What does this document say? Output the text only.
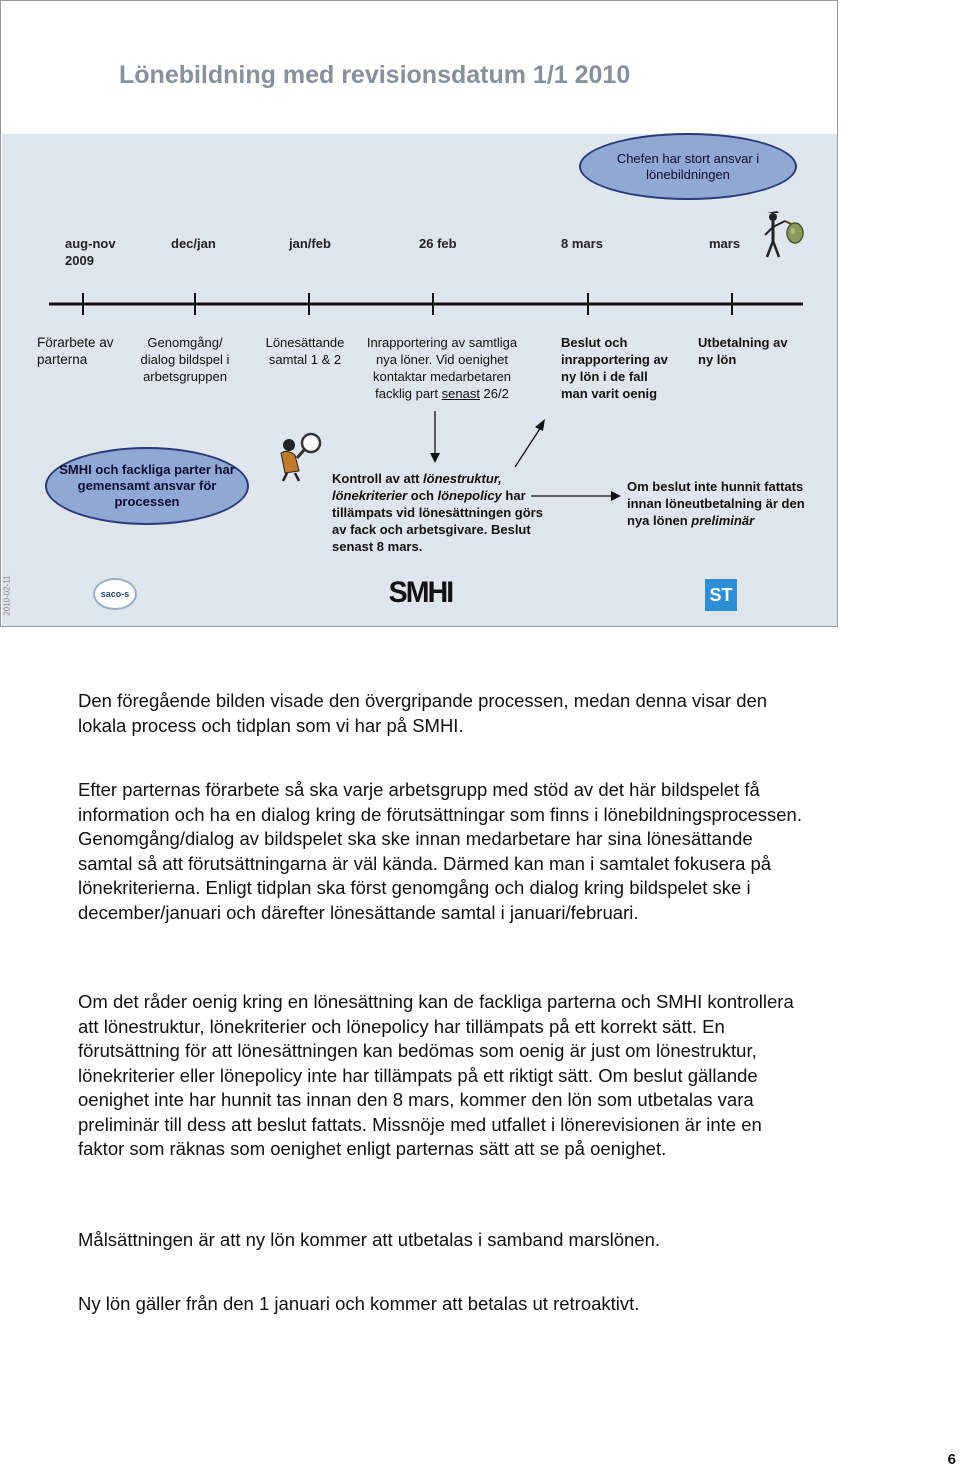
Lönebildning med revisionsdatum 1/1 2010
Chefen har stort ansvar i lönebildningen
aug-nov 2009
dec/jan	jan/feb	26 feb	8 mars	mars
Förarbete av parterna
Genomgång/ dialog bildspel i arbetsgruppen
Lönesättande samtal 1 & 2
Inrapportering av samtliga nya löner. Vid oenighet kontaktar medarbetaren facklig part senast 26/2
Beslut och inrapportering av ny lön i de fall man varit oenig
Utbetalning av ny lön
SMHI och fackliga parter har gemensamt ansvar för processen
Kontroll av att lönestruktur, lönekriterier och lönepolicy har tillämpats vid lönesättningen görs av fack och arbetsgivare. Beslut senast 8 mars.
Om beslut inte hunnit fattats innan löneutbetalning är den nya lönen preliminär
2010-02-11	saco-s	SMHI	ST
Den föregående bilden visade den övergripande processen, medan denna visar den lokala process och tidplan som vi har på SMHI.
Efter parternas förarbete så ska varje arbetsgrupp med stöd av det här bildspelet få information och ha en dialog kring de förutsättningar som finns i lönebildningsprocessen. Genomgång/dialog av bildspelet ska ske innan medarbetare har sina lönesättande samtal så att förutsättningarna är väl kända. Därmed kan man i samtalet fokusera på lönekriterierna. Enligt tidplan ska först genomgång och dialog kring bildspelet ske i december/januari och därefter lönesättande samtal i januari/februari.
Om det råder oenig kring en lönesättning kan de fackliga parterna och SMHI kontrollera att lönestruktur, lönekriterier och lönepolicy har tillämpats på ett korrekt sätt. En förutsättning för att lönesättningen kan bedömas som oenig är just om lönestruktur, lönekriterier eller lönepolicy inte har tillämpats på ett riktigt sätt. Om beslut gällande oenighet inte har hunnit tas innan den 8 mars, kommer den lön som utbetalas vara preliminär till dess att beslut fattats. Missnöje med utfallet i lönerevisionen är inte en faktor som räknas som oenighet enligt parternas sätt att se på oenighet.
Målsättningen är att ny lön kommer att utbetalas i samband marslönen.
Ny lön gäller från den 1 januari och kommer att betalas ut retroaktivt.
6
